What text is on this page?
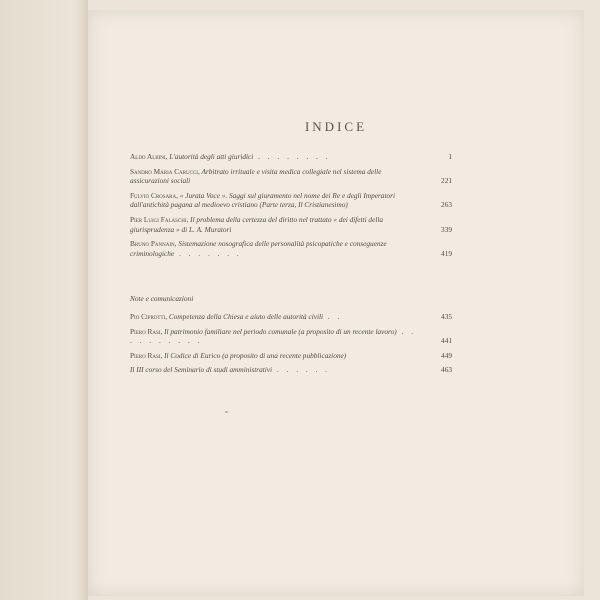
INDICE
Aldo Albini, L'autorità degli atti giuridici . . . . . . . .	1
Sandro Maria Carucci, Arbitrato irrituale e visita medica collegiale nel sistema delle assicurazioni sociali	221
Fulvio Crosara, « Jurata Voce ». Saggi sul giuramento nel nome dei Re e degli Imperatori dall'antichità pagana al medioevo cristiano (Parte terza, Il Cristianesimo)	263
Pier Luigi Falaschi, Il problema della certezza del diritto nel trattato « dei difetti della giurisprudenza » di L. A. Muratori	339
Bruno Pannain, Sistemazione nosografica delle personalità psicopatiche e conseguenze criminologiche . . . . . . .	419
Note e comunicazioni
Pio Ciprotti, Competenza della Chiesa e aiuto delle autorità civili . .	435
Piero Rasi, Il patrimonio familiare nel periodo comunale (a proposito di un recente lavoro) . . . . . . . . . .	441
Piero Rasi, Il Codice di Eurico (a proposito di una recente pubblicazione)	449
Il III corso del Seminario di studi amministrativi . . . . . .	463
